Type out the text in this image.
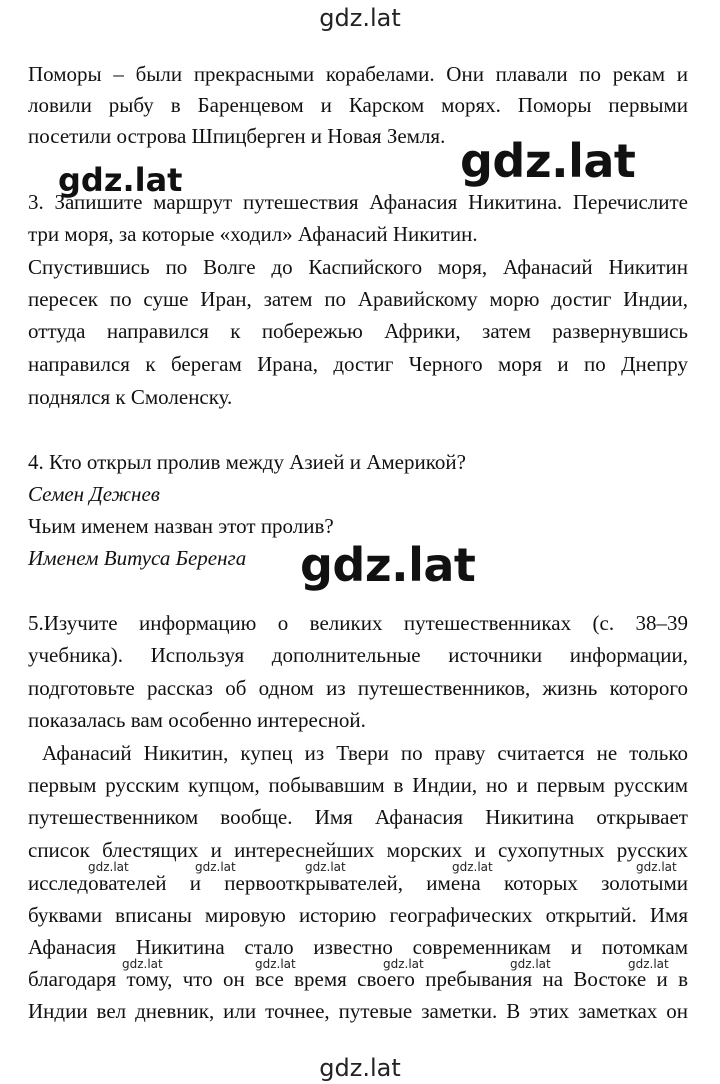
gdz.lat
Поморы – были прекрасными корабелами. Они плавали по рекам и
ловили рыбу в Баренцевом и Карском морях. Поморы первыми
посетили острова Шпицберген и Новая Земля. gdz.lat
gdz.lat
3. Запишите маршрут путешествия Афанасия Никитина. Перечислите
три моря, за которые «ходил» Афанасий Никитин.
Спустившись по Волге до Каспийского моря, Афанасий Никитин
пересек по суше Иран, затем по Аравийскому морю достиг Индии,
оттуда направился к побережью Африки, затем развернувшись
направился к берегам Ирана, достиг Черного моря и по Днепру
поднялся к Смоленску.
4. Кто открыл пролив между Азией и Америкой?
Семен Дежнев
Чьим именем назван этот пролив?
Именем Витуса Беренга gdz.lat
5.Изучите информацию о великих путешественниках (с. 38–39
учебника). Используя дополнительные источники информации,
подготовьте рассказ об одном из путешественников, жизнь которого
показалась вам особенно интересной.
Афанасий Никитин, купец из Твери по праву считается не только
первым русским купцом, побывавшим в Индии, но и первым русским
путешественником вообще. Имя Афанасия Никитина открывает
список блестящих и интереснейших морских и сухопутных русских
gdz.lat	gdz.lat	gdz.lat	gdz.lat	gdz.lat
исследователей и первооткрывателей, имена которых золотыми
буквами вписаны мировую историю географических открытий. Имя
Афанасия Никитина стало известно современникам и потомкам
gdz.lat	gdz.lat	gdz.lat	gdz.lat	gdz.lat
благодаря тому, что он все время своего пребывания на Востоке и в
Индии вел дневник, или точнее, путевые заметки. В этих заметках он
gdz.lat
